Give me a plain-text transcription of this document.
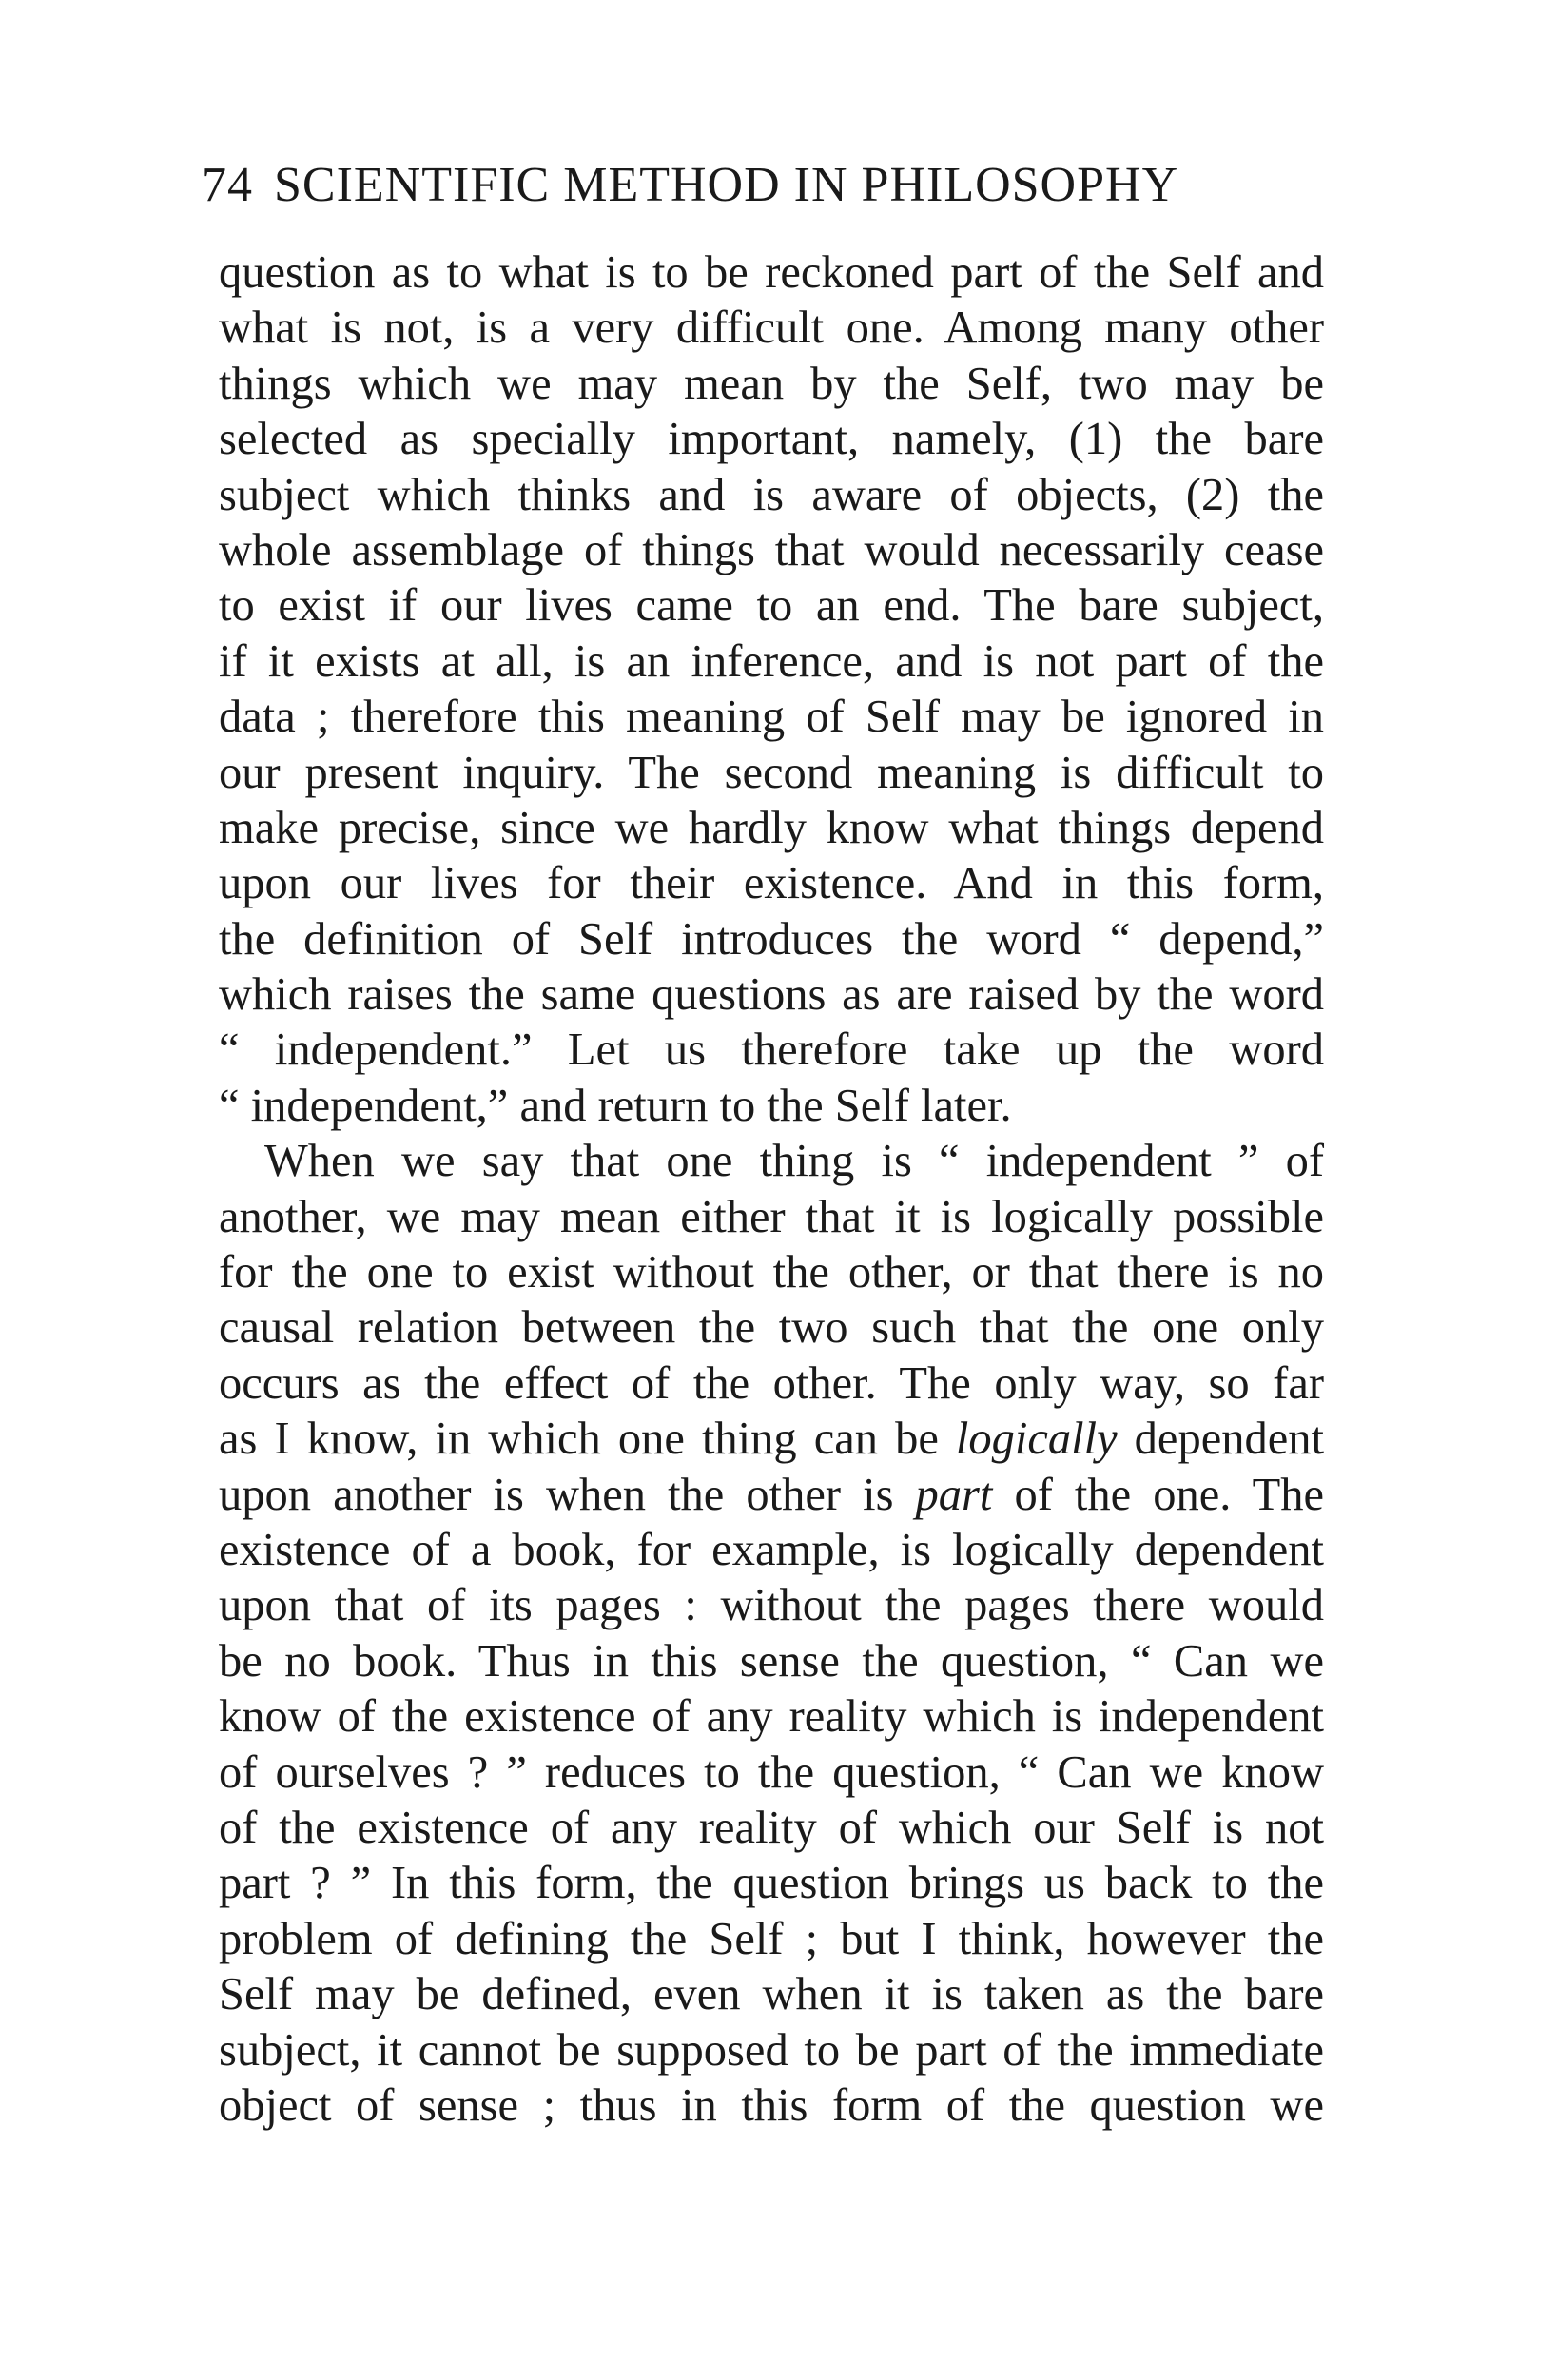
74 SCIENTIFIC METHOD IN PHILOSOPHY
question as to what is to be reckoned part of the Self and
what is not, is a very difficult one. Among many other
things which we may mean by the Self, two may be
selected as specially important, namely, (1) the bare
subject which thinks and is aware of objects, (2) the
whole assemblage of things that would necessarily cease
to exist if our lives came to an end. The bare subject,
if it exists at all, is an inference, and is not part of the
data ; therefore this meaning of Self may be ignored in
our present inquiry. The second meaning is difficult to
make precise, since we hardly know what things depend
upon our lives for their existence. And in this form,
the definition of Self introduces the word “ depend,”
which raises the same questions as are raised by the word
“ independent.” Let us therefore take up the word
“ independent,” and return to the Self later.
When we say that one thing is “ independent ” of
another, we may mean either that it is logically possible
for the one to exist without the other, or that there is no
causal relation between the two such that the one only
occurs as the effect of the other. The only way, so far
as I know, in which one thing can be logically dependent
upon another is when the other is part of the one. The
existence of a book, for example, is logically dependent
upon that of its pages : without the pages there would
be no book. Thus in this sense the question, “ Can we
know of the existence of any reality which is independent
of ourselves ? ” reduces to the question, “ Can we know
of the existence of any reality of which our Self is not
part ? ” In this form, the question brings us back to the
problem of defining the Self ; but I think, however the
Self may be defined, even when it is taken as the bare
subject, it cannot be supposed to be part of the immediate
object of sense ; thus in this form of the question we
